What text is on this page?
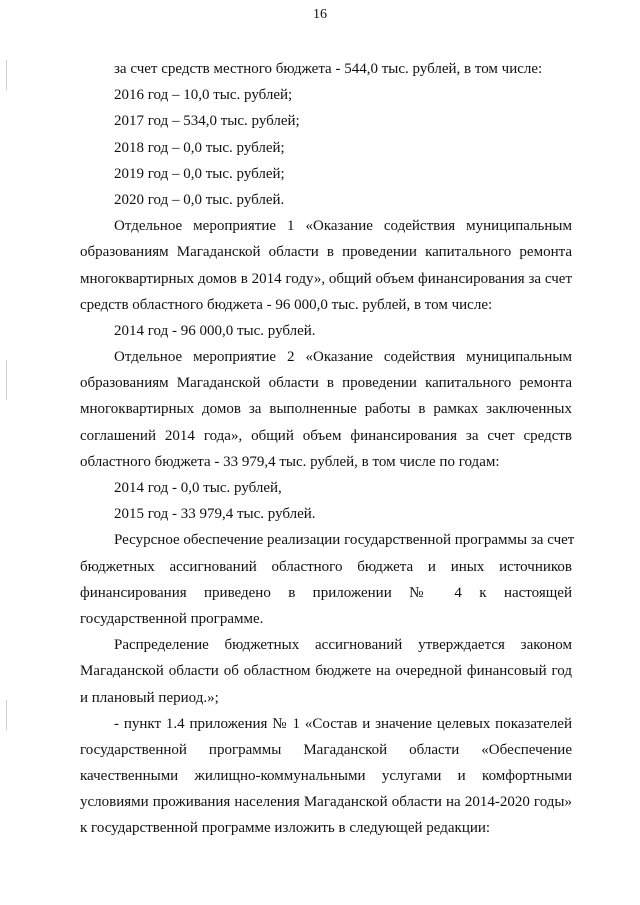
16
за счет средств местного бюджета - 544,0 тыс. рублей, в том числе:
2016 год – 10,0 тыс. рублей;
2017 год – 534,0 тыс. рублей;
2018 год – 0,0 тыс. рублей;
2019 год – 0,0 тыс. рублей;
2020 год – 0,0 тыс. рублей.
Отдельное мероприятие 1 «Оказание содействия муниципальным
образованиям Магаданской области в проведении капитального ремонта
многоквартирных домов в 2014 году», общий объем финансирования за счет
средств областного бюджета - 96 000,0 тыс. рублей, в том числе:
2014 год - 96 000,0 тыс. рублей.
Отдельное мероприятие 2 «Оказание содействия муниципальным
образованиям Магаданской области в проведении капитального ремонта
многоквартирных домов за выполненные работы в рамках заключенных
соглашений 2014 года», общий объем финансирования за счет средств
областного бюджета - 33 979,4 тыс. рублей, в том числе по годам:
2014 год - 0,0 тыс. рублей,
2015 год - 33 979,4 тыс. рублей.
Ресурсное обеспечение реализации государственной программы за счет
бюджетных ассигнований областного бюджета и иных источников
финансирования приведено в приложении № 4 к настоящей
государственной программе.
Распределение бюджетных ассигнований утверждается законом
Магаданской области об областном бюджете на очередной финансовый год
и плановый период.»;
- пункт 1.4 приложения № 1 «Состав и значение целевых показателей
государственной программы Магаданской области «Обеспечение
качественными жилищно-коммунальными услугами и комфортными
условиями проживания населения Магаданской области на 2014-2020 годы»
к государственной программе изложить в следующей редакции:
